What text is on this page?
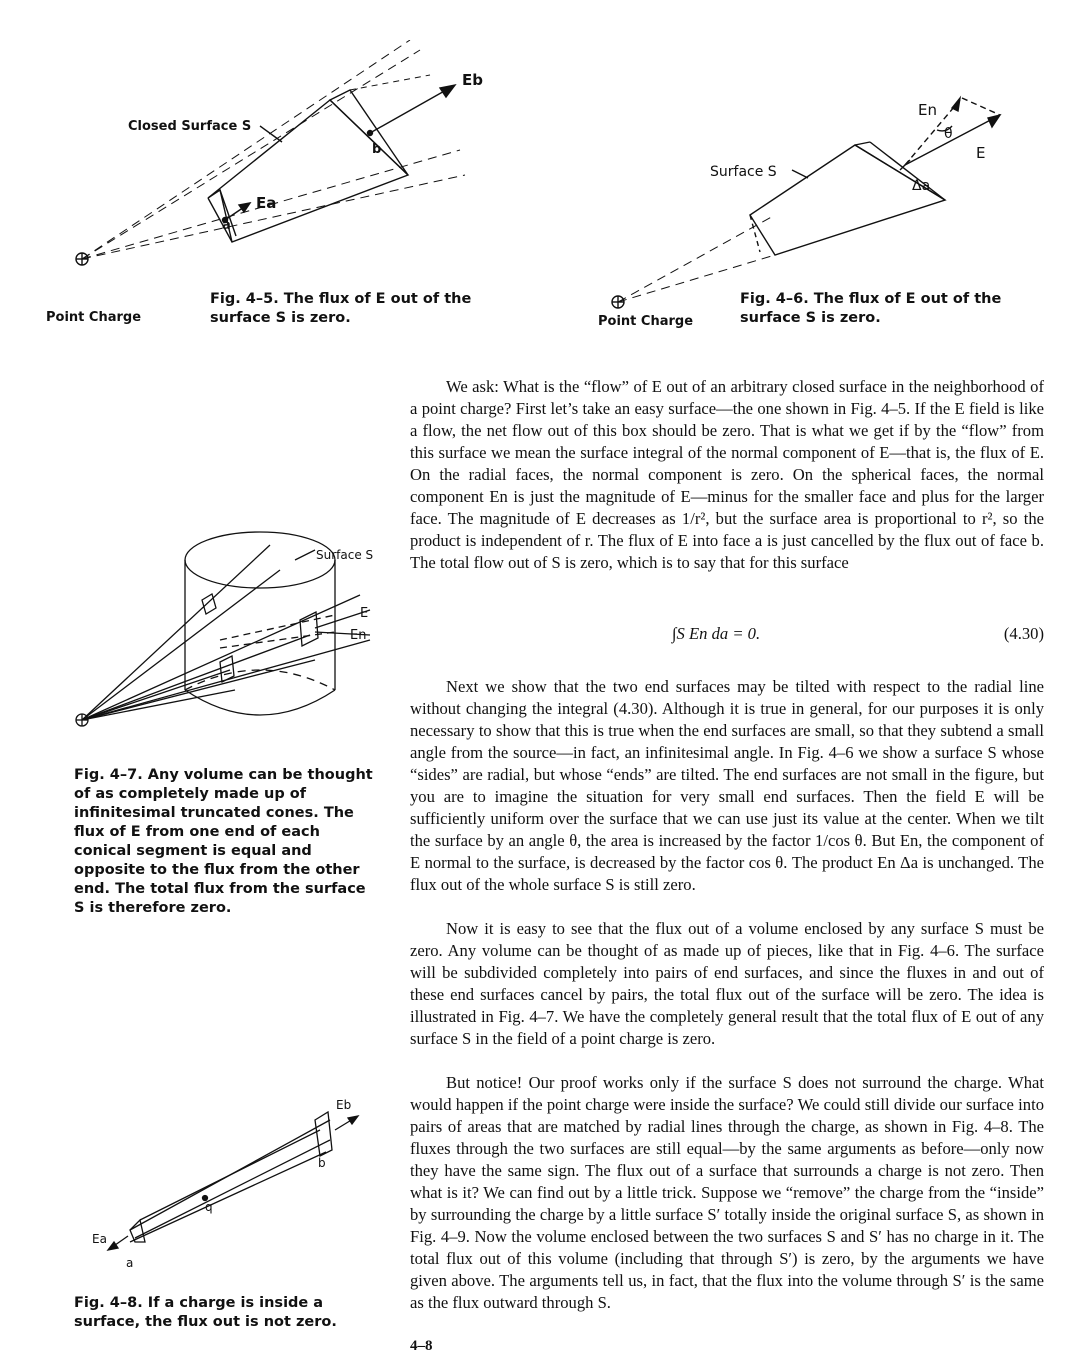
Closed Surface S
Eb
Ea
b
a
Point Charge
Fig. 4–5. The flux of E out of the surface S is zero.
Surface S
En
θ
E
Δa
Point Charge
Fig. 4–6. The flux of E out of the surface S is zero.
Surface S
E
En
Fig. 4–7. Any volume can be thought of as completely made up of infinitesimal truncated cones. The flux of E from one end of each conical segment is equal and opposite to the flux from the other end. The total flux from the surface S is therefore zero.
Eb
b
q
Ea
a
Fig. 4–8. If a charge is inside a surface, the flux out is not zero.

We ask: What is the “flow” of E out of an arbitrary closed surface in the neighborhood of a point charge? First let’s take an easy surface—the one shown in Fig. 4–5. If the E field is like a flow, the net flow out of this box should be zero. That is what we get if by the “flow” from this surface we mean the surface integral of the normal component of E—that is, the flux of E. On the radial faces, the normal component is zero. On the spherical faces, the normal component En is just the magnitude of E—minus for the smaller face and plus for the larger face. The magnitude of E decreases as 1/r², but the surface area is proportional to r², so the product is independent of r. The flux of E into face a is just cancelled by the flux out of face b. The total flow out of S is zero, which is to say that for this surface

∫S En da = 0.	(4.30)

Next we show that the two end surfaces may be tilted with respect to the radial line without changing the integral (4.30). Although it is true in general, for our purposes it is only necessary to show that this is true when the end surfaces are small, so that they subtend a small angle from the source—in fact, an infinitesimal angle. In Fig. 4–6 we show a surface S whose “sides” are radial, but whose “ends” are tilted. The end surfaces are not small in the figure, but you are to imagine the situation for very small end surfaces. Then the field E will be sufficiently uniform over the surface that we can use just its value at the center. When we tilt the surface by an angle θ, the area is increased by the factor 1/cos θ. But En, the component of E normal to the surface, is decreased by the factor cos θ. The product En Δa is unchanged. The flux out of the whole surface S is still zero.

Now it is easy to see that the flux out of a volume enclosed by any surface S must be zero. Any volume can be thought of as made up of pieces, like that in Fig. 4–6. The surface will be subdivided completely into pairs of end surfaces, and since the fluxes in and out of these end surfaces cancel by pairs, the total flux out of the surface will be zero. The idea is illustrated in Fig. 4–7. We have the completely general result that the total flux of E out of any surface S in the field of a point charge is zero.

But notice! Our proof works only if the surface S does not surround the charge. What would happen if the point charge were inside the surface? We could still divide our surface into pairs of areas that are matched by radial lines through the charge, as shown in Fig. 4–8. The fluxes through the two surfaces are still equal—by the same arguments as before—only now they have the same sign. The flux out of a surface that surrounds a charge is not zero. Then what is it? We can find out by a little trick. Suppose we “remove” the charge from the “inside” by surrounding the charge by a little surface S′ totally inside the original surface S, as shown in Fig. 4–9. Now the volume enclosed between the two surfaces S and S′ has no charge in it. The total flux out of this volume (including that through S′) is zero, by the arguments we have given above. The arguments tell us, in fact, that the flux into the volume through S′ is the same as the flux outward through S.

4–8
